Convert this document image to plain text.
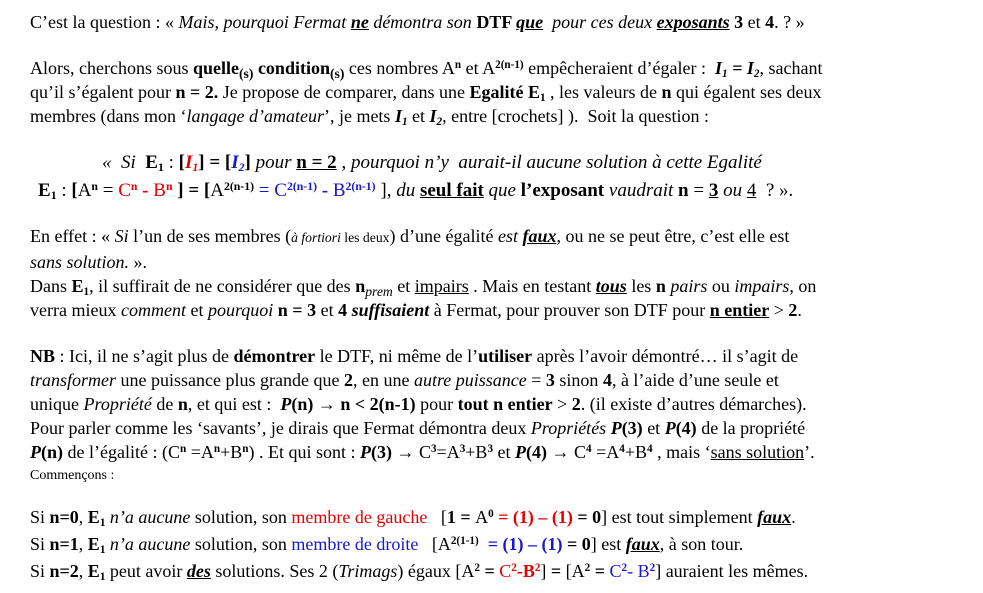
C’est la question : « Mais, pourquoi Fermat ne démontra son DTF que  pour ces deux exposants 3 et 4. ? »
Alors, cherchons sous quelle$_{(s)}$ condition$_{(s)}$ ces nombres $A^n$ et $A^{2(n-1)}$ empêcheraient d’égaler :  I1 = I2, sachant
qu’il s’égalent pour n = 2. Je propose de comparer, dans une Egalité E1 , les valeurs de n qui égalent ses deux
membres (dans mon ‘langage d’amateur’, je mets I1 et I2, entre [crochets] ).  Soit la question :
«  Si  E1 : [I1] = [I2] pour n = 2 , pourquoi n’y  aurait-il aucune solution à cette Egalité
E1 : [$A^n = C^n - B^n$ ] = [$A^{2(n-1)} = C^{2(n-1)} - B^{2(n-1)}$ ], du seul fait que l’exposant vaudrait n = 3 ou 4  ? ».
En effet : « Si l’un de ses membres (à fortiori les deux) d’une égalité est faux, ou ne se peut être, c’est elle est
sans solution. ».
Dans E1, il suffirait de ne considérer que des $n_{prem}$ et impairs . Mais en testant tous les n pairs ou impairs, on
verra mieux comment et pourquoi n = 3 et 4 suffisaient à Fermat, pour prouver son DTF pour n entier > 2.
NB : Ici, il ne s’agit plus de démontrer le DTF, ni même de l’utiliser après l’avoir démontré… il s’agit de
transformer une puissance plus grande que 2, en une autre puissance = 3 sinon 4, à l’aide d’une seule et
unique Propriété de n, et qui est :  P(n) → n < 2(n-1) pour tout n entier > 2. (il existe d’autres démarches).
Pour parler comme les ‘savants’, je dirais que Fermat démontra deux Propriétés P(3) et P(4) de la propriété
P(n) de l’égalité : $(C^n =A^n+B^n)$ . Et qui sont : $P(3) \to C^3=A^3+B^3$ et $P(4) \to C^4 =A^4+B^4$ , mais ‘sans solution’.
Commençons :
Si n=0, E1 n’a aucune solution, son membre de gauche   $[1 = A^0 = (1) - (1) = 0]$ est tout simplement faux.
Si n=1, E1 n’a aucune solution, son membre de droite   $[A^{2(1-1)} = (1) - (1) = 0]$ est faux, à son tour.
Si n=2, E1 peut avoir des solutions. Ses 2 (Trimags) égaux $[A^2 = C^2-B^2] = [A^2 = C^2-$ $B^2$] auraient les mêmes.
